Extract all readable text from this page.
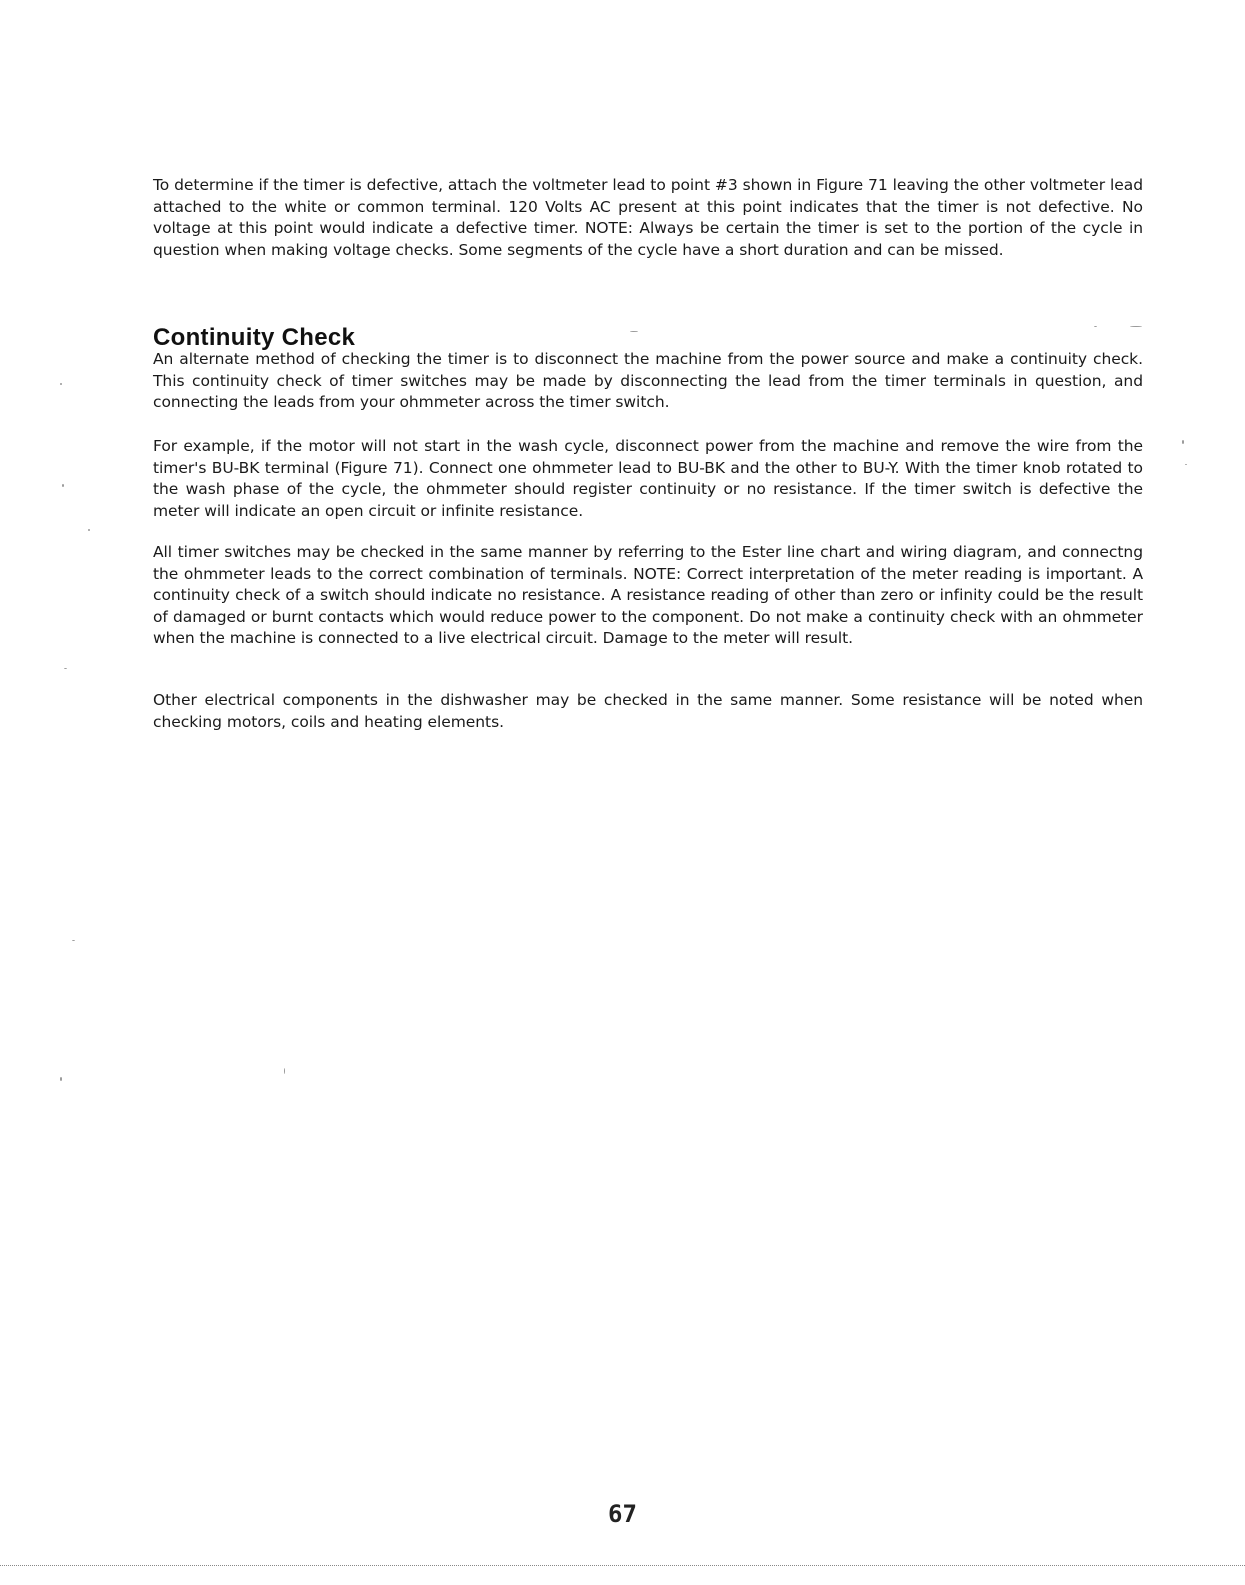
To determine if the timer is defective, attach the voltmeter lead to point #3 shown in Figure 71 leaving the other voltmeter lead attached to the white or common terminal. 120 Volts AC present at this point indicates that the timer is not defective. No voltage at this point would indicate a defective timer. NOTE: Always be certain the timer is set to the portion of the cycle in question when making voltage checks. Some segments of the cycle have a short duration and can be missed.

Continuity Check

An alternate method of checking the timer is to disconnect the machine from the power source and make a continuity check. This continuity check of timer switches may be made by disconnecting the lead from the timer terminals in question, and connecting the leads from your ohmmeter across the timer switch.

For example, if the motor will not start in the wash cycle, disconnect power from the machine and remove the wire from the timer's BU-BK terminal (Figure 71). Connect one ohmmeter lead to BU-BK and the other to BU-Y. With the timer knob rotated to the wash phase of the cycle, the ohmmeter should register continuity or no resistance. If the timer switch is defective the meter will indicate an open circuit or infinite resistance.

All timer switches may be checked in the same manner by referring to the Ester line chart and wiring diagram, and connectng the ohmmeter leads to the correct combination of terminals. NOTE: Correct interpretation of the meter reading is important. A continuity check of a switch should indicate no resistance. A resistance reading of other than zero or infinity could be the result of damaged or burnt contacts which would reduce power to the component. Do not make a continuity check with an ohmmeter when the machine is connected to a live electrical circuit. Damage to the meter will result.

Other electrical components in the dishwasher may be checked in the same manner. Some resistance will be noted when checking motors, coils and heating elements.

67
